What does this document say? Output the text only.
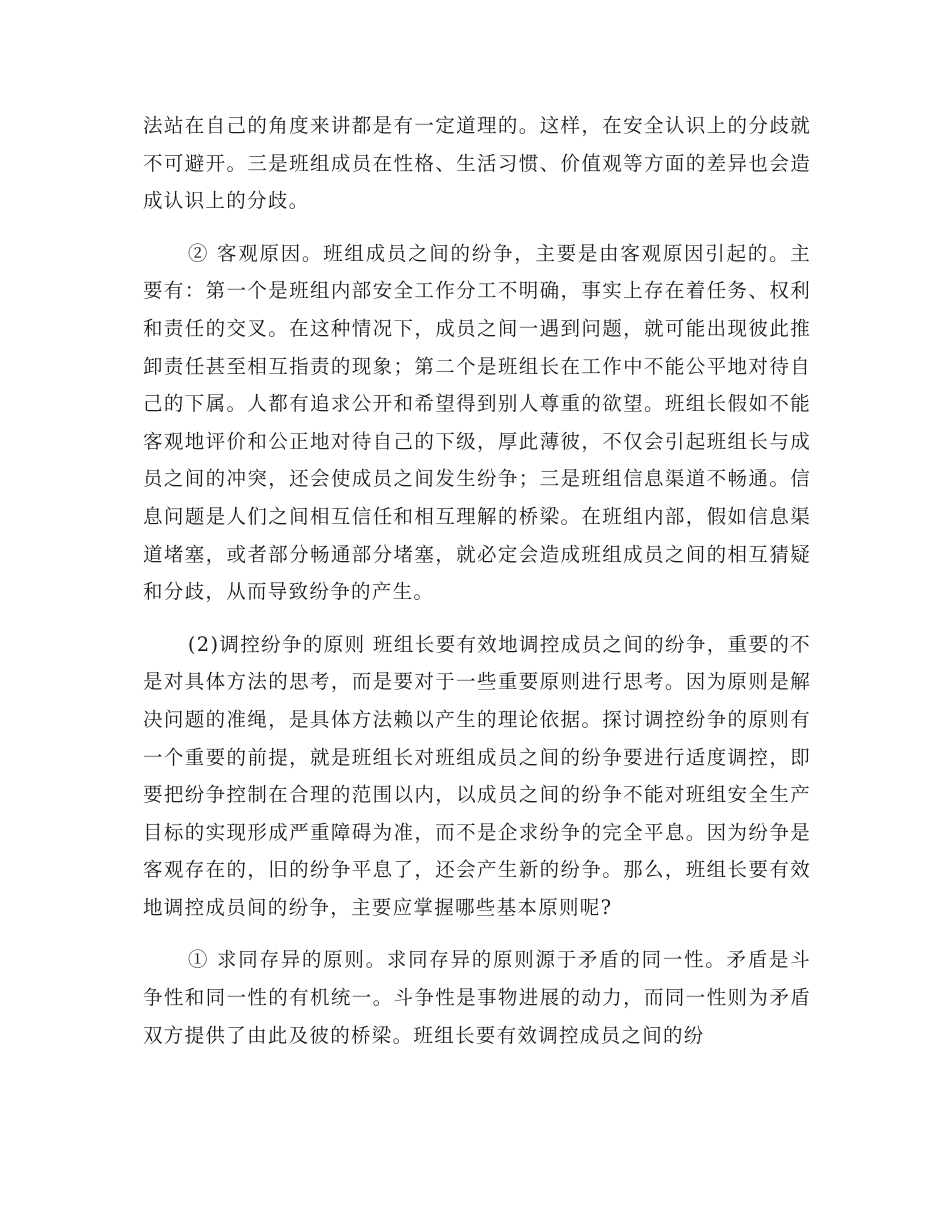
法站在自己的角度来讲都是有一定道理的。这样，在安全认识上的分歧就不可避开。三是班组成员在性格、生活习惯、价值观等方面的差异也会造成认识上的分歧。

② 客观原因。班组成员之间的纷争，主要是由客观原因引起的。主要有：第一个是班组内部安全工作分工不明确，事实上存在着任务、权利和责任的交叉。在这种情况下，成员之间一遇到问题，就可能出现彼此推卸责任甚至相互指责的现象；第二个是班组长在工作中不能公平地对待自己的下属。人都有追求公开和希望得到别人尊重的欲望。班组长假如不能客观地评价和公正地对待自己的下级，厚此薄彼，不仅会引起班组长与成员之间的冲突，还会使成员之间发生纷争；三是班组信息渠道不畅通。信息问题是人们之间相互信任和相互理解的桥梁。在班组内部，假如信息渠道堵塞，或者部分畅通部分堵塞，就必定会造成班组成员之间的相互猜疑和分歧，从而导致纷争的产生。

(2)调控纷争的原则 班组长要有效地调控成员之间的纷争，重要的不是对具体方法的思考，而是要对于一些重要原则进行思考。因为原则是解决问题的准绳，是具体方法赖以产生的理论依据。探讨调控纷争的原则有一个重要的前提，就是班组长对班组成员之间的纷争要进行适度调控，即要把纷争控制在合理的范围以内，以成员之间的纷争不能对班组安全生产目标的实现形成严重障碍为准，而不是企求纷争的完全平息。因为纷争是客观存在的，旧的纷争平息了，还会产生新的纷争。那么，班组长要有效地调控成员间的纷争，主要应掌握哪些基本原则呢?

① 求同存异的原则。求同存异的原则源于矛盾的同一性。矛盾是斗争性和同一性的有机统一。斗争性是事物进展的动力，而同一性则为矛盾双方提供了由此及彼的桥梁。班组长要有效调控成员之间的纷
